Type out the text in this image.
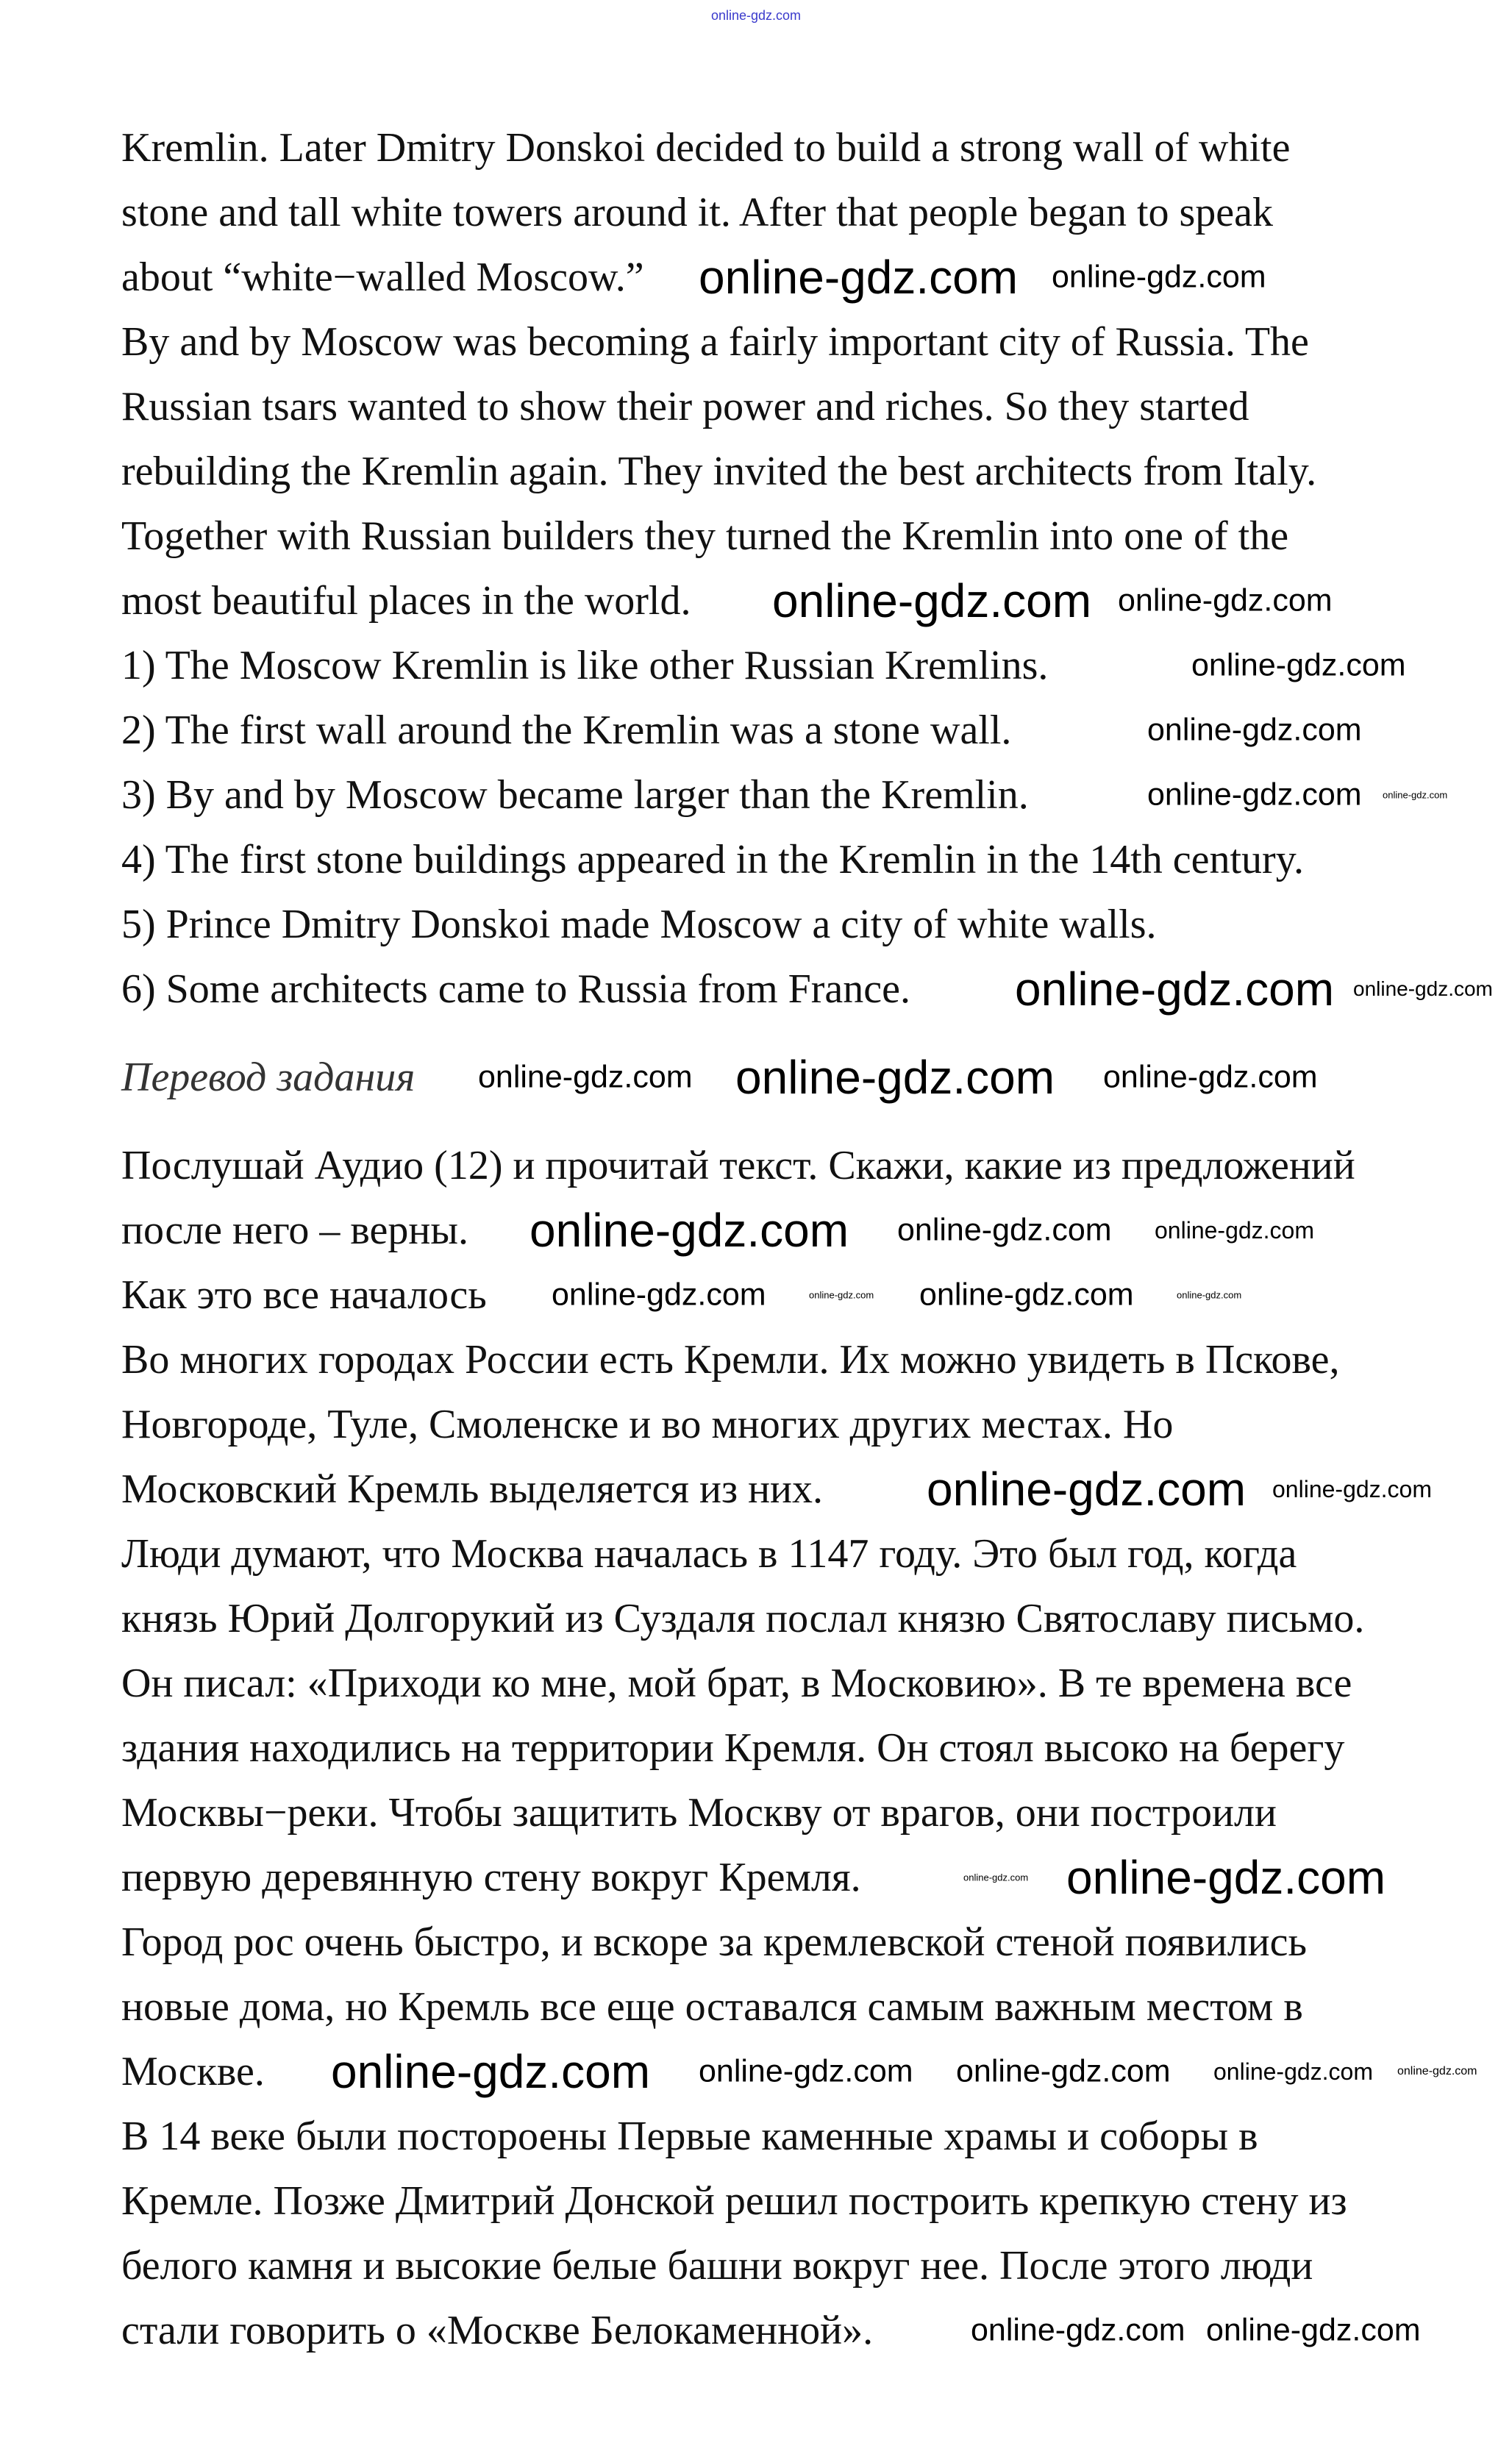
online-gdz.com
Kremlin. Later Dmitry Donskoi decided to build a strong wall of white
stone and tall white towers around it. After that people began to speak
about “white−walled Moscow.”
By and by Moscow was becoming a fairly important city of Russia. The
Russian tsars wanted to show their power and riches. So they started
rebuilding the Kremlin again. They invited the best architects from Italy.
Together with Russian builders they turned the Kremlin into one of the
most beautiful places in the world.
1) The Moscow Kremlin is like other Russian Kremlins.
2) The first wall around the Kremlin was a stone wall.
3) By and by Moscow became larger than the Kremlin.
4) The first stone buildings appeared in the Kremlin in the 14th century.
5) Prince Dmitry Donskoi made Moscow a city of white walls.
6) Some architects came to Russia from France.
Перевод задания
Послушай Аудио (12) и прочитай текст. Скажи, какие из предложений
после него – верны.
Как это все началось
Во многих городах России есть Кремли. Их можно увидеть в Пскове,
Новгороде, Туле, Смоленске и во многих других местах. Но
Московский Кремль выделяется из них.
Люди думают, что Москва началась в 1147 году. Это был год, когда
князь Юрий Долгорукий из Суздаля послал князю Святославу письмо.
Он писал: «Приходи ко мне, мой брат, в Московию». В те времена все
здания находились на территории Кремля. Он стоял высоко на берегу
Москвы−реки. Чтобы защитить Москву от врагов, они построили
первую деревянную стену вокруг Кремля.
Город рос очень быстро, и вскоре за кремлевской стеной появились
новые дома, но Кремль все еще оставался самым важным местом в
Москве.
В 14 веке были постороены Первые каменные храмы и соборы в
Кремле. Позже Дмитрий Донской решил построить крепкую стену из
белого камня и высокие белые башни вокруг нее. После этого люди
стали говорить о «Москве Белокаменной».
online-gdz.com online-gdz.com
online-gdz.com online-gdz.com
online-gdz.com
online-gdz.com
online-gdz.com online-gdz.com
online-gdz.com online-gdz.com
online-gdz.com online-gdz.com online-gdz.com
online-gdz.com online-gdz.com online-gdz.com
online-gdz.com	online-gdz.com online-gdz.com	online-gdz.com
online-gdz.com online-gdz.com
online-gdz.com online-gdz.com
online-gdz.com online-gdz.com online-gdz.com online-gdz.com online-gdz.com
online-gdz.com online-gdz.com
